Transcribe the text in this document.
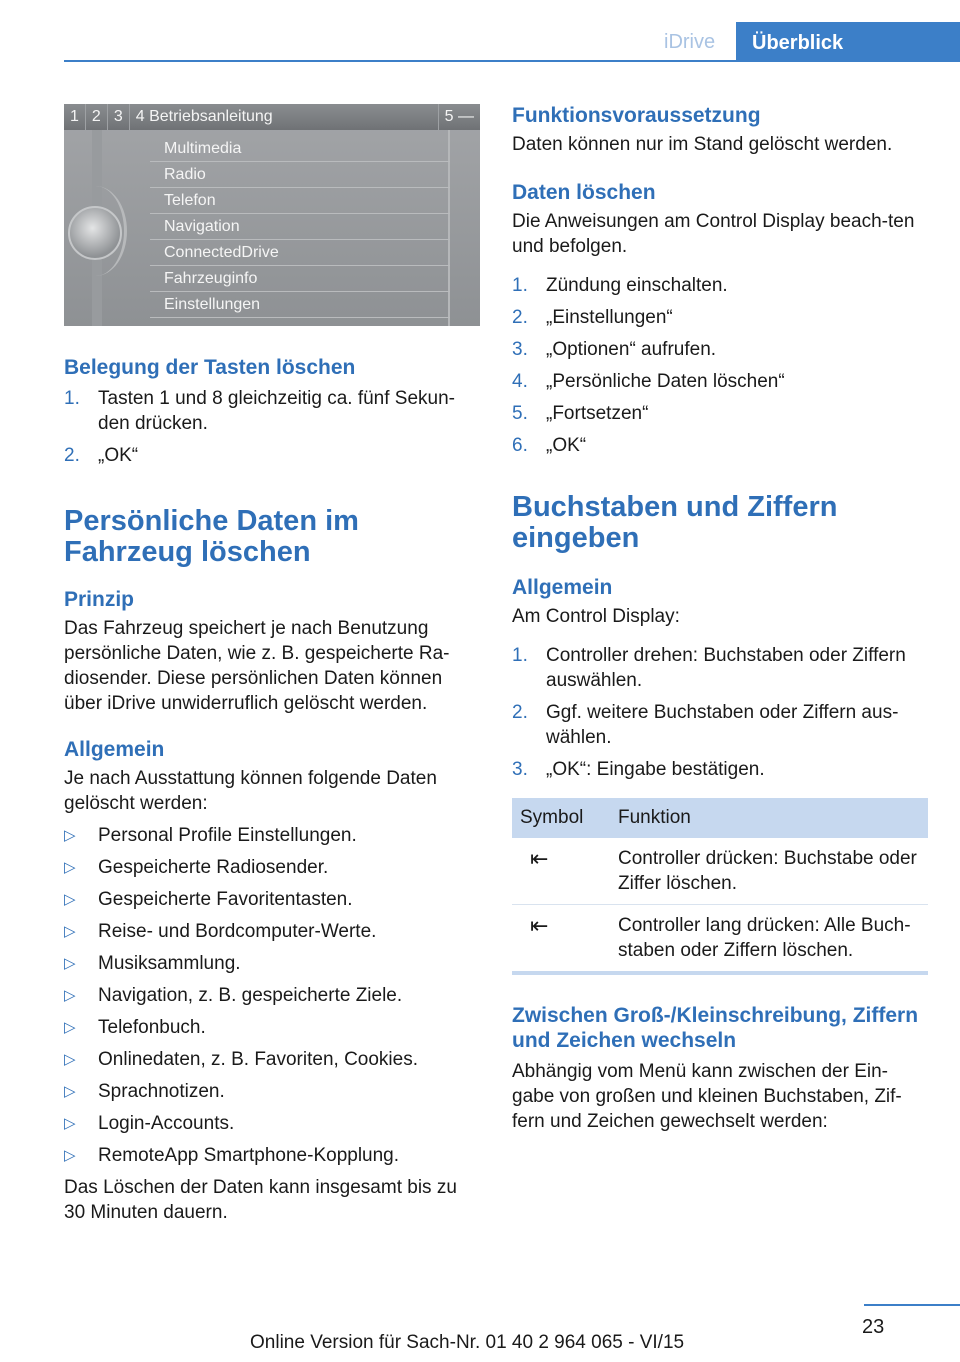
iDrive	Überblick
1 2 3 4 Betriebsanleitung	5 —
Multimedia
Radio
Telefon
Navigation
ConnectedDrive
Fahrzeuginfo
Einstellungen
Belegung der Tasten löschen
1. Tasten 1 und 8 gleichzeitig ca. fünf Sekun‐den drücken.
2. „OK“
Persönliche Daten im Fahrzeug löschen
Prinzip

Das Fahrzeug speichert je nach Benutzung persönliche Daten, wie z. B. gespeicherte Ra‐diosender. Diese persönlichen Daten können über iDrive unwiderruflich gelöscht werden.

Allgemein

Je nach Ausstattung können folgende Daten gelöscht werden:

▷ Personal Profile Einstellungen.
▷ Gespeicherte Radiosender.
▷ Gespeicherte Favoritentasten.
▷ Reise- und Bordcomputer-Werte.
▷ Musiksammlung.
▷ Navigation, z. B. gespeicherte Ziele.
▷ Telefonbuch.
▷ Onlinedaten, z. B. Favoriten, Cookies.
▷ Sprachnotizen.
▷ Login-Accounts.
▷ RemoteApp Smartphone-Kopplung.

Das Löschen der Daten kann insgesamt bis zu 30 Minuten dauern.

Funktionsvoraussetzung

Daten können nur im Stand gelöscht werden.

Daten löschen

Die Anweisungen am Control Display beach‐ten und befolgen.

1. Zündung einschalten.
2. „Einstellungen“
3. „Optionen“ aufrufen.
4. „Persönliche Daten löschen“
5. „Fortsetzen“
6. „OK“
Buchstaben und Ziffern eingeben
Allgemein

Am Control Display:

1. Controller drehen: Buchstaben oder Ziffern auswählen.
2. Ggf. weitere Buchstaben oder Ziffern aus‐wählen.
3. „OK“: Eingabe bestätigen.
Symbol	Funktion
⇤	Controller drücken: Buchstabe oder Ziffer löschen.
⇤	Controller lang drücken: Alle Buch‐staben oder Ziffern löschen.
Zwischen Groß-/Kleinschreibung, Ziffern und Zeichen wechseln

Abhängig vom Menü kann zwischen der Ein‐gabe von großen und kleinen Buchstaben, Zif‐fern und Zeichen gewechselt werden:

23
Online Version für Sach-Nr. 01 40 2 964 065 - VI/15
